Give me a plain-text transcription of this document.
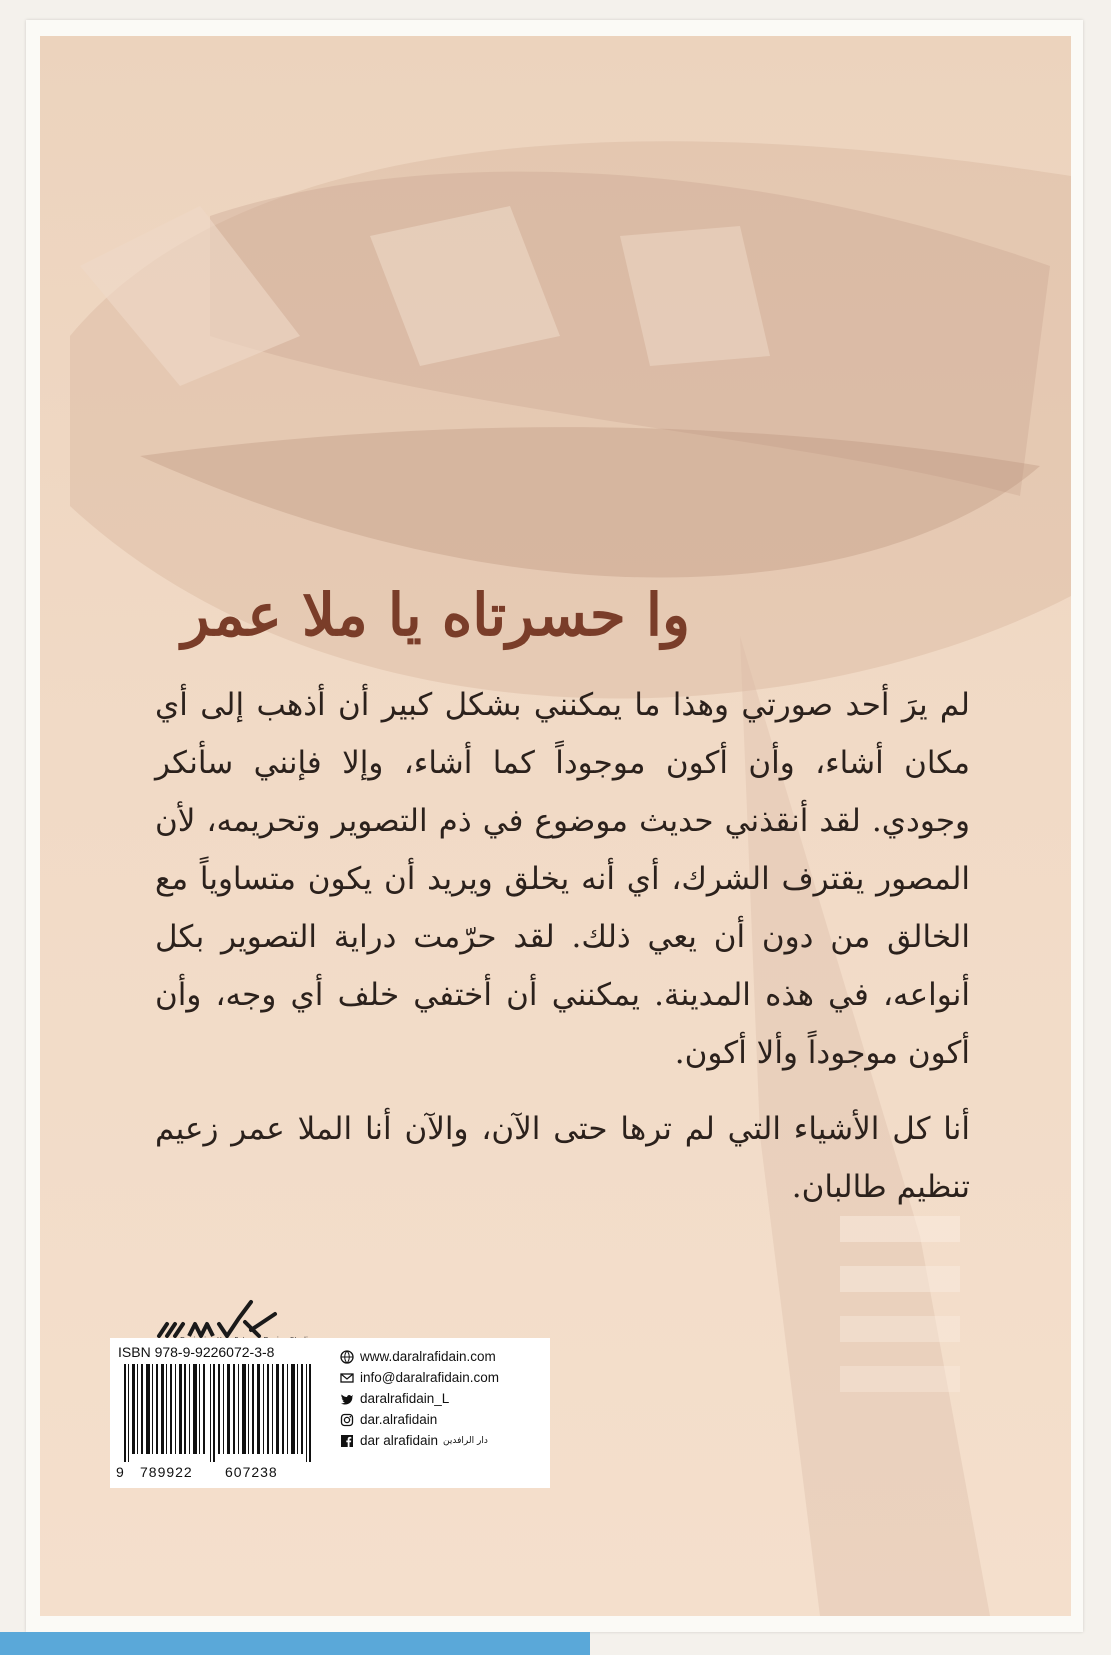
وا حسرتاه يا ملا عمر
لم يرَ أحد صورتي وهذا ما يمكنني بشكل كبير أن أذهب إلى أي مكان أشاء، وأن أكون موجوداً كما أشاء، وإلا فإنني سأنكر وجودي. لقد أنقذني حديث موضوع في ذم التصوير وتحريمه، لأن المصور يقترف الشرك، أي أنه يخلق ويريد أن يكون متساوياً مع الخالق من دون أن يعي ذلك. لقد حرّمت دراية التصوير بكل أنواعه، في هذه المدينة. يمكنني أن أختفي خلف أي وجه، وأن أكون موجوداً وألا أكون.
أنا كل الأشياء التي لم ترها حتى الآن، والآن أنا الملا عمر زعيم تنظيم طالبان.
ISBN 978-9-9226072-3-8
9 789922 607238
www.daralrafidain.com
info@daralrafidain.com
daralrafidain_L
dar.alrafidain
dar alrafidain دار الرافدين
